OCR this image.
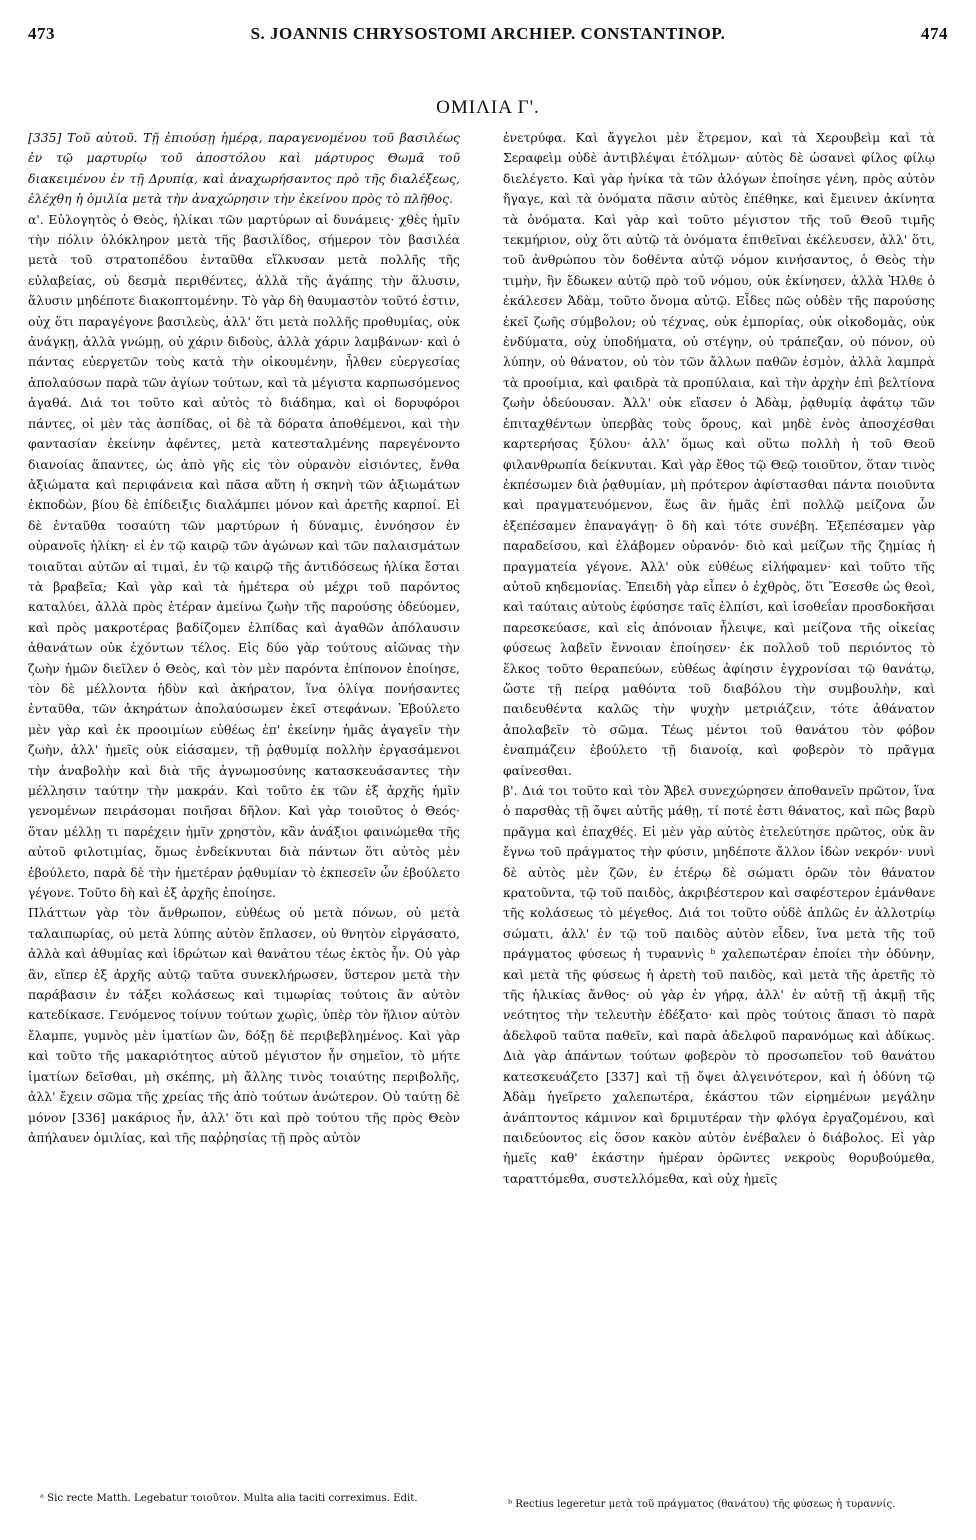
473	S. JOANNIS CHRYSOSTOMI ARCHIEP. CONSTANTINOP.	474
ΟΜΙΛΙΑ Γ'.

[335] Τοῦ αὐτοῦ. Τῇ ἐπιούσῃ ἡμέρᾳ, παραγενομένου τοῦ βασιλέως ἐν τῷ μαρτυρίῳ τοῦ ἀποστόλου καὶ μάρτυρος Θωμᾶ τοῦ διακειμένου ἐν τῇ Δρυπίᾳ, καὶ ἀναχωρήσαντος πρὸ τῆς διαλέξεως, ἐλέχθη ἡ ὁμιλία μετὰ τὴν ἀναχώρησιν τὴν ἐκείνου πρὸς τὸ πλῆθος.

α'. Εὐλογητὸς ὁ Θεὸς, ἡλίκαι τῶν μαρτύρων αἱ δυνάμεις· χθὲς ἡμῖν τὴν πόλιν ὁλόκληρον μετὰ τῆς βασιλίδος, σήμερον τὸν βασιλέα μετὰ τοῦ στρατοπέδου ἐνταῦθα εἵλκυσαν μετὰ πολλῆς τῆς εὐλαβείας, οὐ δεσμὰ περιθέντες, ἀλλὰ τῆς ἀγάπης τὴν ἅλυσιν, ἅλυσιν μηδέποτε διακοπτομένην. Τὸ γὰρ δὴ θαυμαστὸν τοῦτό ἐστιν, οὐχ ὅτι παραγέγονε βασιλεὺς, ἀλλ' ὅτι μετὰ πολλῆς προθυμίας, οὐκ ἀνάγκῃ, ἀλλὰ γνώμῃ, οὐ χάριν διδοὺς, ἀλλὰ χάριν λαμβάνων· καὶ ὁ πάντας εὐεργετῶν τοὺς κατὰ τὴν οἰκουμένην, ἦλθεν εὐεργεσίας ἀπολαύσων παρὰ τῶν ἁγίων τούτων, καὶ τὰ μέγιστα καρπωσόμενος ἀγαθά. Διά τοι τοῦτο καὶ αὐτὸς τὸ διάδημα, καὶ οἱ δορυφόροι πάντες, οἱ μὲν τὰς ἀσπίδας, οἱ δὲ τὰ δόρατα ἀποθέμενοι, καὶ τὴν φαντασίαν ἐκείνην ἀφέντες, μετὰ κατεσταλμένης παρεγένοντο διανοίας ἅπαντες, ὡς ἀπὸ γῆς εἰς τὸν οὐρανὸν εἰσιόντες, ἔνθα ἀξιώματα καὶ περιφάνεια καὶ πᾶσα αὕτη ἡ σκηνὴ τῶν ἀξιωμάτων ἐκποδὼν, βίου δὲ ἐπίδειξις διαλάμπει μόνον καὶ ἀρετῆς καρποί. Εἰ δὲ ἐνταῦθα τοσαύτη τῶν μαρτύρων ἡ δύναμις, ἐννόησον ἐν οὐρανοῖς ἡλίκη· εἰ ἐν τῷ καιρῷ τῶν ἀγώνων καὶ τῶν παλαισμάτων τοιαῦται αὐτῶν αἱ τιμαὶ, ἐν τῷ καιρῷ τῆς ἀντιδόσεως ἡλίκα ἔσται τὰ βραβεῖα; Καὶ γὰρ καὶ τὰ ἡμέτερα οὐ μέχρι τοῦ παρόντος καταλύει, ἀλλὰ πρὸς ἑτέραν ἀμείνω ζωὴν τῆς παρούσης ὁδεύομεν, καὶ πρὸς μακροτέρας βαδίζομεν ἐλπίδας καὶ ἀγαθῶν ἀπόλαυσιν ἀθανάτων οὐκ ἐχόντων τέλος. Εἰς δύο γὰρ τούτους αἰῶνας τὴν ζωὴν ἡμῶν διεῖλεν ὁ Θεὸς, καὶ τὸν μὲν παρόντα ἐπίπονον ἐποίησε, τὸν δὲ μέλλοντα ἡδὺν καὶ ἀκήρατον, ἵνα ὀλίγα πονήσαντες ἐνταῦθα, τῶν ἀκηράτων ἀπολαύσωμεν ἐκεῖ στεφάνων. Ἐβούλετο μὲν γὰρ καὶ ἐκ προοιμίων εὐθέως ἐπ' ἐκείνην ἡμᾶς ἀγαγεῖν τὴν ζωὴν, ἀλλ' ἡμεῖς οὐκ εἰάσαμεν, τῇ ῥᾳθυμίᾳ πολλὴν ἐργασάμενοι τὴν ἀναβολὴν καὶ διὰ τῆς ἀγνωμοσύνης κατασκευάσαντες τὴν μέλλησιν ταύτην τὴν μακράν. Καὶ τοῦτο ἐκ τῶν ἐξ ἀρχῆς ἡμῖν γενομένων πειράσομαι ποιῆσαι δῆλον. Καὶ γὰρ τοιοῦτος ὁ Θεός· ὅταν μέλλῃ τι παρέχειν ἡμῖν χρηστὸν, κἂν ἀνάξιοι φαινώμεθα τῆς αὐτοῦ φιλοτιμίας, ὅμως ἐνδείκνυται διὰ πάντων ὅτι αὐτὸς μὲν ἐβούλετο, παρὰ δὲ τὴν ἡμετέραν ῥᾳθυμίαν τὸ ἐκπεσεῖν ὧν ἐβούλετο γέγονε. Τοῦτο δὴ καὶ ἐξ ἀρχῆς ἐποίησε.

Πλάττων γὰρ τὸν ἄνθρωπον, εὐθέως οὐ μετὰ πόνων, οὐ μετὰ ταλαιπωρίας, οὐ μετὰ λύπης αὐτὸν ἔπλασεν, οὐ θνητὸν εἰργάσατο, ἀλλὰ καὶ ἀθυμίας καὶ ἱδρώτων καὶ θανάτου τέως ἐκτὸς ἦν. Οὐ γὰρ ἂν, εἴπερ ἐξ ἀρχῆς αὐτῷ ταῦτα συνεκλήρωσεν, ὕστερον μετὰ τὴν παράβασιν ἐν τάξει κολάσεως καὶ τιμωρίας τούτοις ἂν αὐτὸν κατεδίκασε. Γενόμενος τοίνυν τούτων χωρὶς, ὑπὲρ τὸν ἥλιον αὐτὸν ἔλαμπε, γυμνὸς μὲν ἱματίων ὢν, δόξῃ δὲ περιβεβλημένος. Καὶ γὰρ καὶ τοῦτο τῆς μακαριότητος αὐτοῦ μέγιστον ἦν σημεῖον, τὸ μήτε ἱματίων δεῖσθαι, μὴ σκέπης, μὴ ἄλλης τινὸς τοιαύτης περιβολῆς, ἀλλ' ἔχειν σῶμα τῆς χρείας τῆς ἀπὸ τούτων ἀνώτερον. Οὐ ταύτῃ δὲ μόνον [336] μακάριος ἦν, ἀλλ' ὅτι καὶ πρὸ τούτου τῆς πρὸς Θεὸν ἀπήλαυεν ὁμιλίας, καὶ τῆς παῤῥησίας τῇ πρὸς αὐτὸν

ἐνετρύφα. Καὶ ἄγγελοι μὲν ἔτρεμον, καὶ τὰ Χερουβεὶμ καὶ τὰ Σεραφεὶμ οὐδὲ ἀντιβλέψαι ἐτόλμων· αὐτὸς δὲ ὡσανεὶ φίλος φίλῳ διελέγετο. Καὶ γὰρ ἡνίκα τὰ τῶν ἀλόγων ἐποίησε γένη, πρὸς αὐτὸν ἤγαγε, καὶ τὰ ὀνόματα πᾶσιν αὐτὸς ἐπέθηκε, καὶ ἔμεινεν ἀκίνητα τὰ ὀνόματα. Καὶ γὰρ καὶ τοῦτο μέγιστον τῆς τοῦ Θεοῦ τιμῆς τεκμήριον, οὐχ ὅτι αὐτῷ τὰ ὀνόματα ἐπιθεῖναι ἐκέλευσεν, ἀλλ' ὅτι, τοῦ ἀνθρώπου τὸν δοθέντα αὐτῷ νόμον κινήσαντος, ὁ Θεὸς τὴν τιμὴν, ἣν ἔδωκεν αὐτῷ πρὸ τοῦ νόμου, οὐκ ἐκίνησεν, ἀλλὰ Ἠλθε ὁ ἐκάλεσεν Ἀδὰμ, τοῦτο ὄνομα αὐτῷ. Εἶδες πῶς οὐδὲν τῆς παρούσης ἐκεῖ ζωῆς σύμβολον; οὐ τέχνας, οὐκ ἐμπορίας, οὐκ οἰκοδομὰς, οὐκ ἐνδύματα, οὐχ ὑποδήματα, οὐ στέγην, οὐ τράπεζαν, οὐ πόνον, οὐ λύπην, οὐ θάνατον, οὐ τὸν τῶν ἄλλων παθῶν ἑσμὸν, ἀλλὰ λαμπρὰ τὰ προοίμια, καὶ φαιδρὰ τὰ προπύλαια, καὶ τὴν ἀρχὴν ἐπὶ βελτίονα ζωὴν ὁδεύουσαν. Ἀλλ' οὐκ εἴασεν ὁ Ἀδὰμ, ῥᾳθυμίᾳ ἀφάτῳ τῶν ἐπιταχθέντων ὑπερβὰς τοὺς ὅρους, καὶ μηδὲ ἑνὸς ἀποσχέσθαι καρτερήσας ξύλου· ἀλλ' ὅμως καὶ οὕτω πολλὴ ἡ τοῦ Θεοῦ φιλανθρωπία δείκνυται. Καὶ γὰρ ἔθος τῷ Θεῷ τοιοῦτον, ὅταν τινὸς ἐκπέσωμεν διὰ ῥᾳθυμίαν, μὴ πρότερον ἀφίστασθαι πάντα ποιοῦντα καὶ πραγματευόμενον, ἕως ἂν ἡμᾶς ἐπὶ πολλῷ μείζονα ὧν ἐξεπέσαμεν ἐπαναγάγῃ· ὃ δὴ καὶ τότε συνέβη. Ἐξεπέσαμεν γὰρ παραδείσου, καὶ ἐλάβομεν οὐρανόν· διὸ καὶ μείζων τῆς ζημίας ἡ πραγματεία γέγονε. Ἀλλ' οὐκ εὐθέως εἰλήφαμεν· καὶ τοῦτο τῆς αὐτοῦ κηδεμονίας. Ἐπειδὴ γὰρ εἶπεν ὁ ἐχθρὸς, ὅτι Ἔσεσθε ὡς θεοὶ, καὶ ταύταις αὐτοὺς ἐφύσησε ταῖς ἐλπίσι, καὶ ἰσοθεΐαν προσδοκῆσαι παρεσκεύασε, καὶ εἰς ἀπόνοιαν ἦλειψε, καὶ μείζονα τῆς οἰκείας φύσεως λαβεῖν ἔννοιαν ἐποίησεν· ἐκ πολλοῦ τοῦ περιόντος τὸ ἕλκος τοῦτο θεραπεύων, εὐθέως ἀφίησιν ἐγχρονίσαι τῷ θανάτῳ, ὥστε τῇ πείρᾳ μαθόντα τοῦ διαβόλου τὴν συμβουλὴν, καὶ παιδευθέντα καλῶς τὴν ψυχὴν μετριάζειν, τότε ἀθάνατον ἀπολαβεῖν τὸ σῶμα. Τέως μέντοι τοῦ θανάτου τὸν φόβον ἐναπμάζειν ἐβούλετο τῇ διανοίᾳ, καὶ φοβερὸν τὸ πρᾶγμα φαίνεσθαι.

β'. Διά τοι τοῦτο καὶ τὸν Ἄβελ συνεχώρησεν ἀποθανεῖν πρῶτον, ἵνα ὁ παρσθὰς τῇ ὄψει αὐτῆς μάθῃ, τί ποτέ ἐστι θάνατος, καὶ πῶς βαρὺ πρᾶγμα καὶ ἐπαχθές. Εἰ μὲν γὰρ αὐτὸς ἐτελεύτησε πρῶτος, οὐκ ἂν ἔγνω τοῦ πράγματος τὴν φύσιν, μηδέποτε ἄλλον ἰδὼν νεκρόν· νυνὶ δὲ αὐτὸς μὲν ζῶν, ἐν ἑτέρῳ δὲ σώματι ὁρῶν τὸν θάνατον κρατοῦντα, τῷ τοῦ παιδὸς, ἀκριβέστερον καὶ σαφέστερον ἐμάνθανε τῆς κολάσεως τὸ μέγεθος. Διά τοι τοῦτο οὐδὲ ἁπλῶς ἐν ἀλλοτρίῳ σώματι, ἀλλ' ἐν τῷ τοῦ παιδὸς αὐτὸν εἶδεν, ἵνα μετὰ τῆς τοῦ πράγματος φύσεως ἡ τυραννὶς ᵇ χαλεπωτέραν ἐποίει τὴν ὀδύνην, καὶ μετὰ τῆς φύσεως ἡ ἀρετὴ τοῦ παιδὸς, καὶ μετὰ τῆς ἀρετῆς τὸ τῆς ἡλικίας ἄνθος· οὐ γὰρ ἐν γήρᾳ, ἀλλ' ἐν αὐτῇ τῇ ἀκμῇ τῆς νεότητος τὴν τελευτὴν ἐδέξατο· καὶ πρὸς τούτοις ἅπασι τὸ παρὰ ἀδελφοῦ ταῦτα παθεῖν, καὶ παρὰ ἀδελφοῦ παρανόμως καὶ ἀδίκως. Διὰ γὰρ ἁπάντων τούτων φοβερὸν τὸ προσωπεῖον τοῦ θανάτου κατεσκευάζετο [337] καὶ τῇ ὄψει ἀλγεινότερον, καὶ ἡ ὀδύνη τῷ Ἀδὰμ ἡγεῖρετο χαλεπωτέρα, ἑκάστου τῶν εἰρημένων μεγάλην ἀνάπτοντος κάμινον καὶ δριμυτέραν τὴν φλόγα ἐργαζομένου, καὶ παιδεύοντος εἰς ὅσον κακὸν αὐτὸν ἐνέβαλεν ὁ διάβολος. Εἰ γὰρ ἡμεῖς καθ' ἑκάστην ἡμέραν ὁρῶντες νεκροὺς θορυβούμεθα, ταραττόμεθα, συστελλόμεθα, καὶ οὐχ ἡμεῖς

ᵃ Sic recte Matth. Legebatur τοιοῦτον. Multa alia taciti correximus. Edit.
ᵇ Rectius legeretur μετὰ τοῦ πράγματος (θανάτου) τῆς φύσεως ἡ τυραννίς.
